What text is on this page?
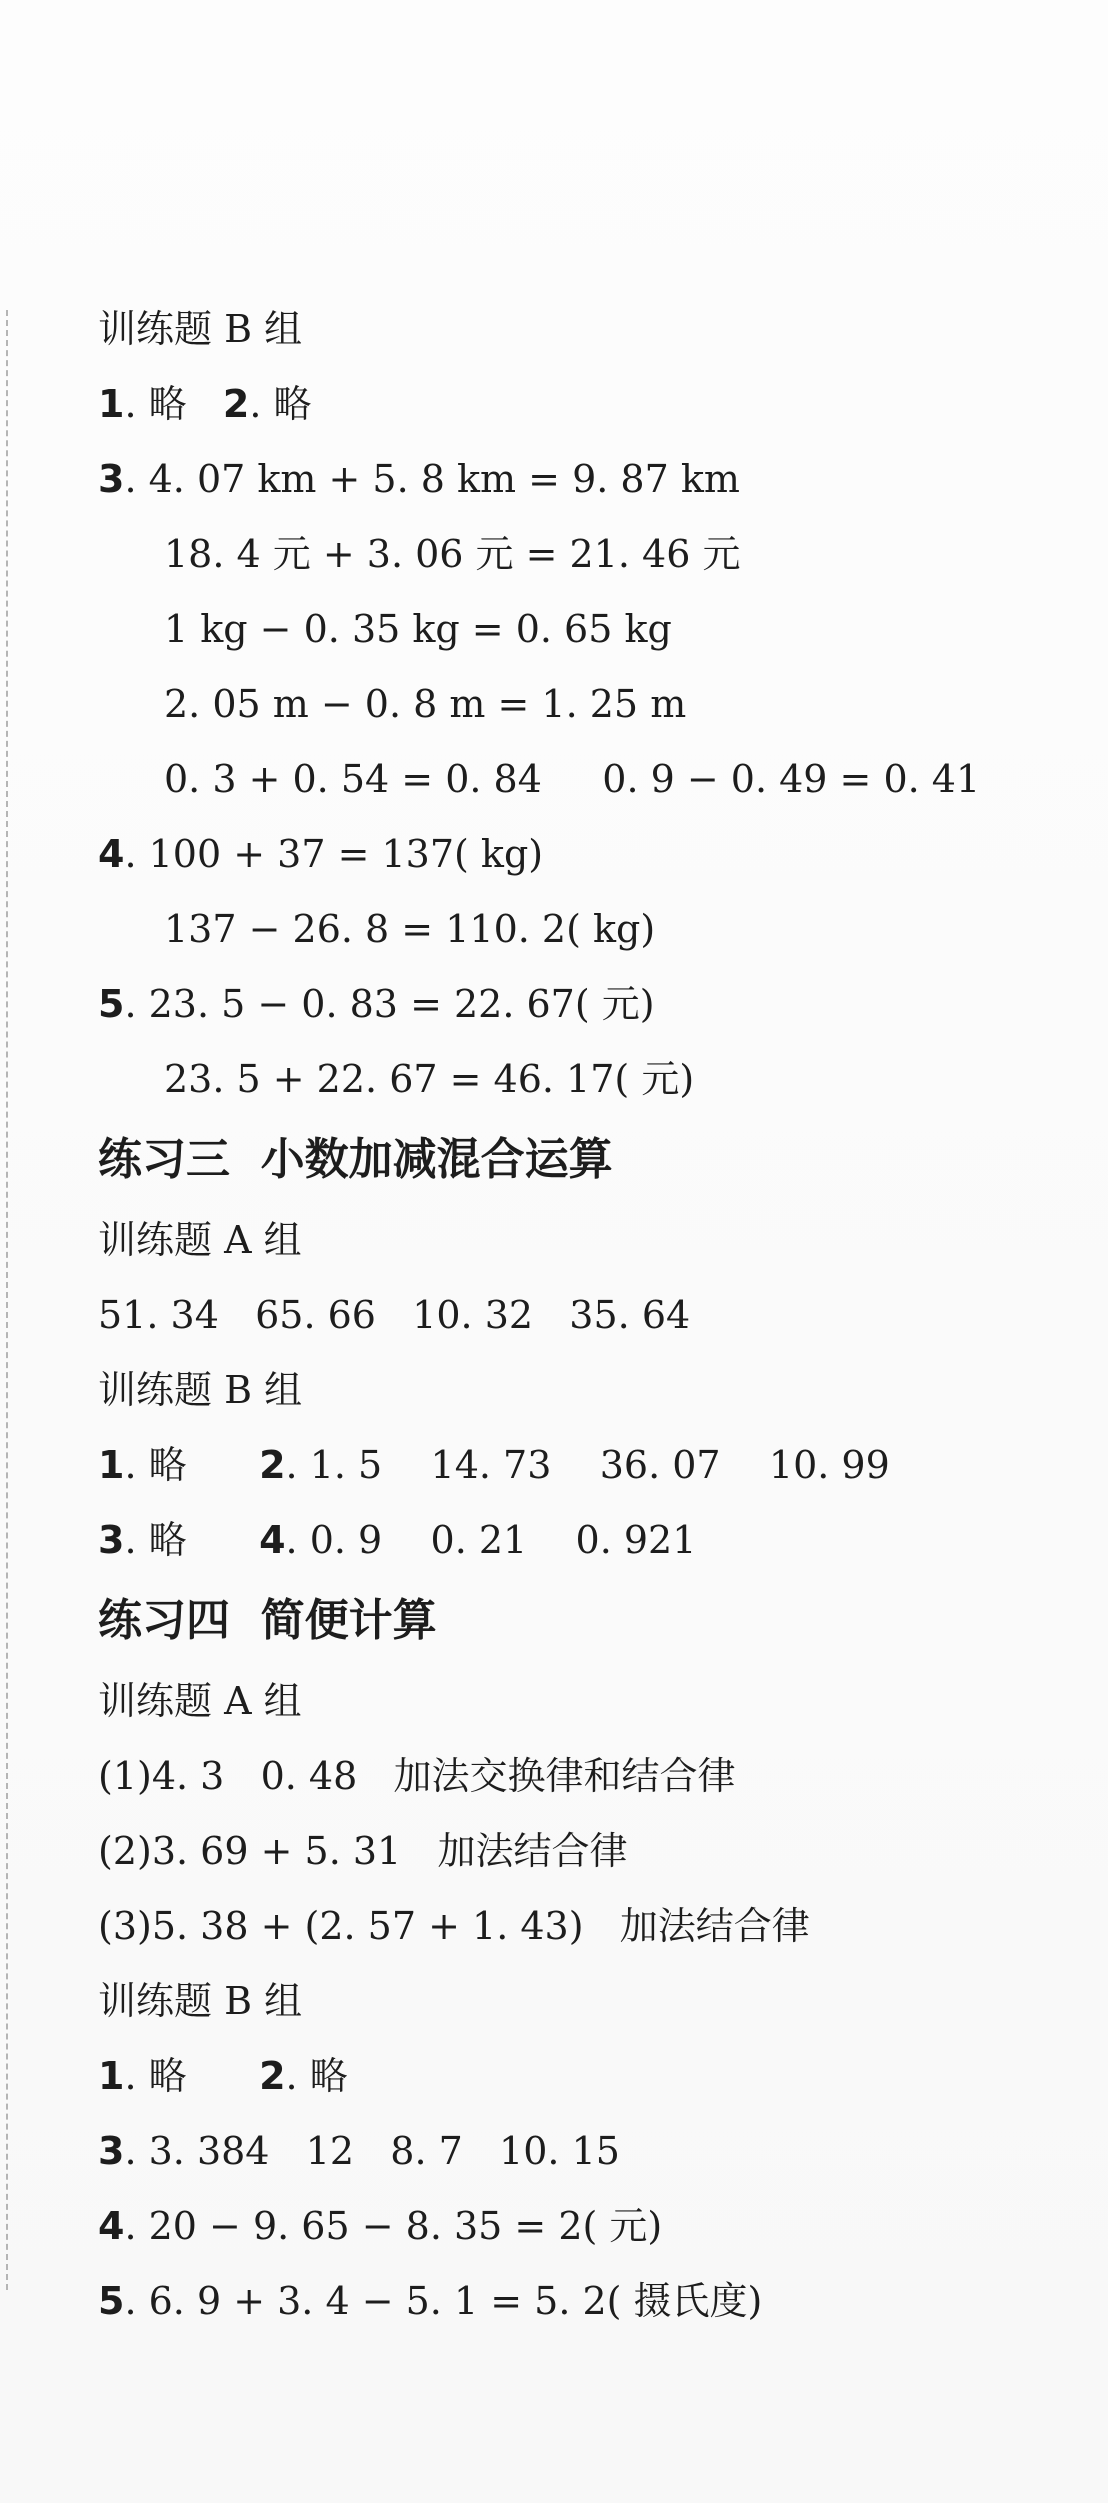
训练题 B 组
1. 略   2. 略
3. 4. 07 km + 5. 8 km = 9. 87 km
18. 4 元 + 3. 06 元 = 21. 46 元
1 kg − 0. 35 kg = 0. 65 kg
2. 05 m − 0. 8 m = 1. 25 m
0. 3 + 0. 54 = 0. 84     0. 9 − 0. 49 = 0. 41
4. 100 + 37 = 137( kg)
137 − 26. 8 = 110. 2( kg)
5. 23. 5 − 0. 83 = 22. 67( 元)
23. 5 + 22. 67 = 46. 17( 元)
练习三  小数加减混合运算
训练题 A 组
51. 34   65. 66   10. 32   35. 64
训练题 B 组
1. 略      2. 1. 5    14. 73    36. 07    10. 99
3. 略      4. 0. 9    0. 21    0. 921
练习四  简便计算
训练题 A 组
(1)4. 3   0. 48   加法交换律和结合律
(2)3. 69 + 5. 31   加法结合律
(3)5. 38 + (2. 57 + 1. 43)   加法结合律
训练题 B 组
1. 略      2. 略
3. 3. 384   12   8. 7   10. 15
4. 20 − 9. 65 − 8. 35 = 2( 元)
5. 6. 9 + 3. 4 − 5. 1 = 5. 2( 摄氏度)
